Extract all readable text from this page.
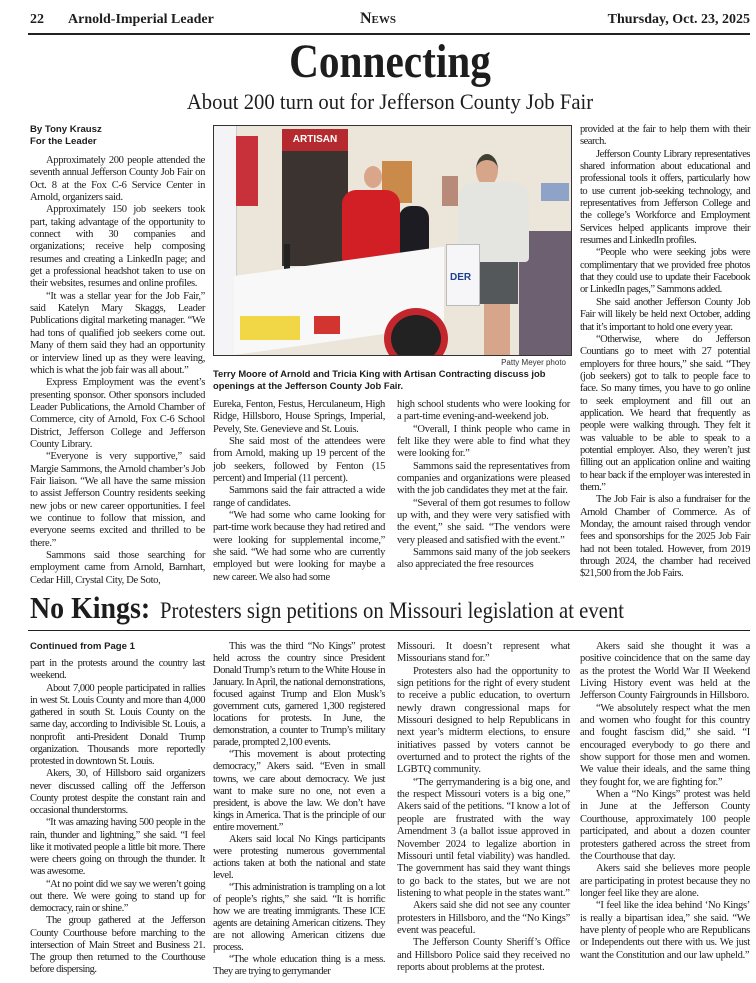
22 Arnold-Imperial Leader	News	Thursday, Oct. 23, 2025
Connecting
About 200 turn out for Jefferson County Job Fair
By Tony Krausz
For the Leader

Approximately 200 people attended the seventh annual Jefferson County Job Fair on Oct. 8 at the Fox C-6 Service Center in Arnold, organizers said.

Approximately 150 job seekers took part, taking advantage of the opportunity to connect with 30 companies and organizations; receive help composing resumes and creating a LinkedIn page; and get a professional headshot taken to use on their websites, resumes and online profiles.

“It was a stellar year for the Job Fair,” said Katelyn Mary Skaggs, Leader Publications digital marketing manager. “We had tons of qualified job seekers come out. Many of them said they had an opportunity or interview lined up as they were leaving, which is what the job fair was all about.”

Express Employment was the event’s presenting sponsor. Other sponsors included Leader Publications, the Arnold Chamber of Commerce, city of Arnold, Fox C-6 School District, Jefferson College and Jefferson County Library.

“Everyone is very supportive,” said Margie Sammons, the Arnold chamber’s Job Fair liaison. “We all have the same mission to assist Jefferson Country residents seeking new jobs or new career opportunities. I feel we continue to follow that mission, and everyone seems excited and thrilled to be there.”

Sammons said those searching for employment came from Arnold, Barnhart, Cedar Hill, Crystal City, De Soto,

ARTISAN
DER
Patty Meyer photo
Terry Moore of Arnold and Tricia King with Artisan Contracting discuss job openings at the Jefferson County Job Fair.

Eureka, Fenton, Festus, Herculaneum, High Ridge, Hillsboro, House Springs, Imperial, Pevely, Ste. Genevieve and St. Louis.

She said most of the attendees were from Arnold, making up 19 percent of the job seekers, followed by Fenton (15 percent) and Imperial (11 percent).

Sammons said the fair attracted a wide range of candidates.

“We had some who came looking for part-time work because they had retired and were looking for supplemental income,” she said. “We had some who are currently employed but were looking for maybe a new career. We also had some

high school students who were looking for a part-time evening-and-weekend job.

“Overall, I think people who came in felt like they were able to find what they were looking for.”

Sammons said the representatives from companies and organizations were pleased with the job candidates they met at the fair.

“Several of them got resumes to follow up with, and they were very satisfied with the event,” she said. “The vendors were very pleased and satisfied with the event.”

Sammons said many of the job seekers also appreciated the free resources

provided at the fair to help them with their search.

Jefferson County Library representatives shared information about educational and professional tools it offers, particularly how to use current job-seeking technology, and representatives from Jefferson College and the college’s Workforce and Employment Services helped applicants improve their resumes and LinkedIn profiles.

“People who were seeking jobs were complimentary that we provided free photos that they could use to update their Facebook or LinkedIn pages,” Sammons added.

She said another Jefferson County Job Fair will likely be held next October, adding that it’s important to hold one every year.

“Otherwise, where do Jefferson Countians go to meet with 27 potential employers for three hours,” she said. “They (job seekers) got to talk to people face to face. So many times, you have to go online to seek employment and fill out an application. We heard that frequently as people were walking through. They felt it was valuable to be able to speak to a potential employer. Also, they weren’t just filling out an application online and waiting to hear back if the employer was interested in them.”

The Job Fair is also a fundraiser for the Arnold Chamber of Commerce. As of Monday, the amount raised through vendor fees and sponsorships for the 2025 Job Fair had not been totaled. However, from 2019 through 2024, the chamber had received $21,500 from the Job Fairs.

No Kings: Protesters sign petitions on Missouri legislation at event
Continued from Page 1

part in the protests around the country last weekend.

About 7,000 people participated in rallies in west St. Louis County and more than 4,000 gathered in south St. Louis County on the same day, according to Indivisible St. Louis, a nonprofit anti-President Donald Trump organization. Thousands more reportedly protested in downtown St. Louis.

Akers, 30, of Hillsboro said organizers never discussed calling off the Jefferson County protest despite the constant rain and occasional thunderstorms.

“It was amazing having 500 people in the rain, thunder and lightning,” she said. “I feel like it motivated people a little bit more. There were cheers going on through the thunder. It was awesome.

“At no point did we say we weren’t going out there. We were going to stand up for democracy, rain or shine.”

The group gathered at the Jefferson County Courthouse before marching to the intersection of Main Street and Business 21. The group then returned to the Courthouse before dispersing.

This was the third “No Kings” protest held across the country since President Donald Trump’s return to the White House in January. In April, the national demonstrations, focused against Trump and Elon Musk’s government cuts, garnered 1,300 registered locations for protests. In June, the demonstration, a counter to Trump’s military parade, prompted 2,100 events.

“This movement is about protecting democracy,” Akers said. “Even in small towns, we care about democracy. We just want to make sure no one, not even a president, is above the law. We don’t have kings in America. That is the principle of our entire movement.”

Akers said local No Kings participants were protesting numerous governmental actions taken at both the national and state level.

“This administration is trampling on a lot of people’s rights,” she said. “It is horrific how we are treating immigrants. These ICE agents are detaining American citizens. They are not allowing American citizens due process.

“The whole education thing is a mess. They are trying to gerrymander

Missouri. It doesn’t represent what Missourians stand for.”

Protesters also had the opportunity to sign petitions for the right of every student to receive a public education, to overturn newly drawn congressional maps for Missouri designed to help Republicans in next year’s midterm elections, to ensure initiatives passed by voters cannot be overturned and to protect the rights of the LGBTQ community.

“The gerrymandering is a big one, and the respect Missouri voters is a big one,” Akers said of the petitions. “I know a lot of people are frustrated with the way Amendment 3 (a ballot issue approved in November 2024 to legalize abortion in Missouri until fetal viability) was handled. The government has said they want things to go back to the states, but we are not listening to what people in the states want.”

Akers said she did not see any counter protesters in Hillsboro, and the “No Kings” event was peaceful.

The Jefferson County Sheriff’s Office and Hillsboro Police said they received no reports about problems at the protest.

Akers said she thought it was a positive coincidence that on the same day as the protest the World War II Weekend Living History event was held at the Jefferson County Fairgrounds in Hillsboro.

“We absolutely respect what the men and women who fought for this country and fought fascism did,” she said. “I encouraged everybody to go there and show support for those men and women. We value their ideals, and the same thing they fought for, we are fighting for.”

When a “No Kings” protest was held in June at the Jefferson County Courthouse, approximately 100 people participated, and about a dozen counter protesters gathered across the street from the Courthouse that day.

Akers said she believes more people are participating in protest because they no longer feel like they are alone.

“I feel like the idea behind ‘No Kings’ is really a bipartisan idea,” she said. “We have plenty of people who are Republicans or Independents out there with us. We just want the Constitution and our law upheld.”
